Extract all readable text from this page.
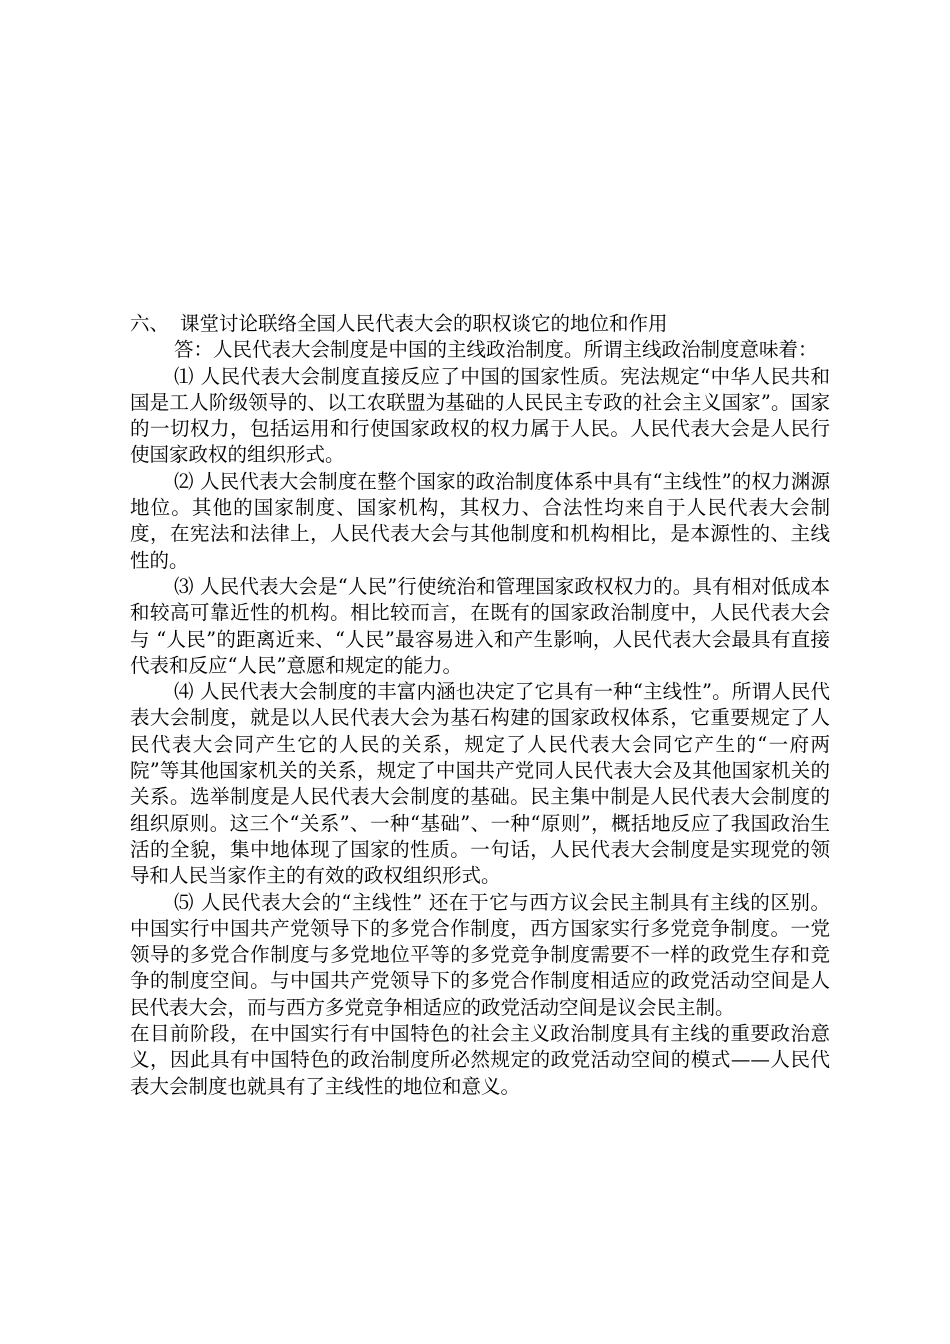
六、 课堂讨论联络全国人民代表大会的职权谈它的地位和作用

答：人民代表大会制度是中国的主线政治制度。所谓主线政治制度意味着：

⑴ 人民代表大会制度直接反应了中国的国家性质。宪法规定“中华人民共和国是工人阶级领导的、以工农联盟为基础的人民民主专政的社会主义国家”。国家的一切权力，包括运用和行使国家政权的权力属于人民。人民代表大会是人民行使国家政权的组织形式。

⑵ 人民代表大会制度在整个国家的政治制度体系中具有“主线性”的权力渊源地位。其他的国家制度、国家机构，其权力、合法性均来自于人民代表大会制度，在宪法和法律上，人民代表大会与其他制度和机构相比，是本源性的、主线性的。

⑶ 人民代表大会是“人民”行使统治和管理国家政权权力的。具有相对低成本和较高可靠近性的机构。相比较而言，在既有的国家政治制度中，人民代表大会与 “人民”的距离近来、“人民”最容易进入和产生影响，人民代表大会最具有直接代表和反应“人民”意愿和规定的能力。

⑷ 人民代表大会制度的丰富内涵也决定了它具有一种“主线性”。所谓人民代表大会制度，就是以人民代表大会为基石构建的国家政权体系，它重要规定了人民代表大会同产生它的人民的关系，规定了人民代表大会同它产生的“一府两院”等其他国家机关的关系，规定了中国共产党同人民代表大会及其他国家机关的关系。选举制度是人民代表大会制度的基础。民主集中制是人民代表大会制度的组织原则。这三个“关系”、一种“基础”、一种“原则”，概括地反应了我国政治生活的全貌，集中地体现了国家的性质。一句话，人民代表大会制度是实现党的领导和人民当家作主的有效的政权组织形式。

⑸ 人民代表大会的“主线性” 还在于它与西方议会民主制具有主线的区别。中国实行中国共产党领导下的多党合作制度，西方国家实行多党竞争制度。一党领导的多党合作制度与多党地位平等的多党竞争制度需要不一样的政党生存和竞争的制度空间。与中国共产党领导下的多党合作制度相适应的政党活动空间是人民代表大会，而与西方多党竞争相适应的政党活动空间是议会民主制。

在目前阶段，在中国实行有中国特色的社会主义政治制度具有主线的重要政治意义，因此具有中国特色的政治制度所必然规定的政党活动空间的模式——人民代表大会制度也就具有了主线性的地位和意义。
